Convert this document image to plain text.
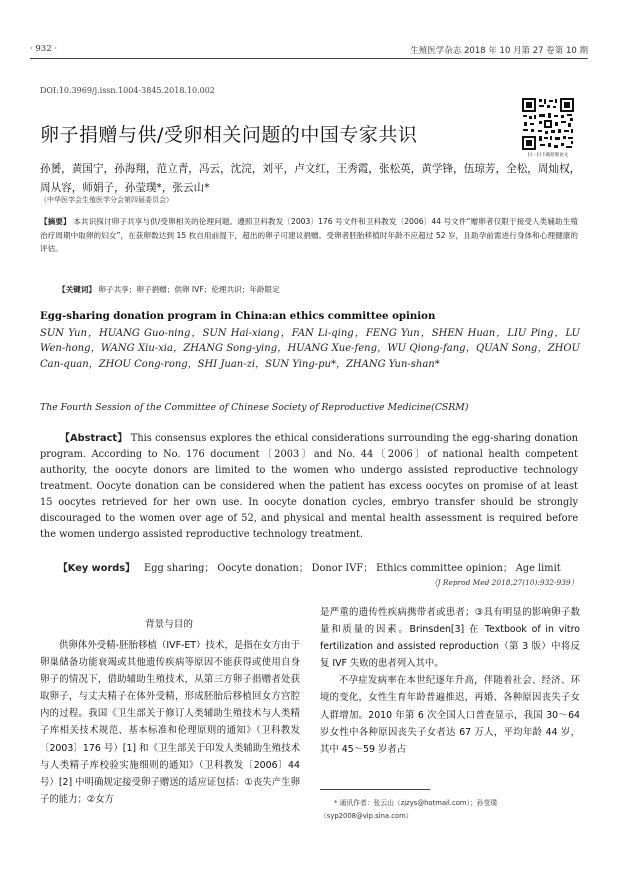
· 932 ·	生殖医学杂志 2018 年 10 月第 27 卷第 10 期
DOI:10.3969/j.issn.1004-3845.2018.10.002
扫一扫下载原版论文
卵子捐赠与供/受卵相关问题的中国专家共识
孙赟，黄国宁，孙海翔，范立青，冯云，沈浣，刘平，卢文红，王秀霞，张松英，黄学锋，伍琼芳，全松，周灿权，周从容，师娟子，孙莹璞*，张云山*
（中华医学会生殖医学分会第四届委员会）
【摘要】 本共识探讨卵子共享与供/受卵相关的伦理问题。遵照卫科教发〔2003〕176 号文件和卫科教发〔2006〕44 号文件“赠卵者仅限于接受人类辅助生殖治疗周期中取卵的妇女”，在获卵数达到 15 枚自用前提下，超出的卵子可建议捐赠。受卵者胚胎移植时年龄不应超过 52 岁，且助孕前需进行身体和心理健康的评估。
【关键词】 卵子共享；卵子捐赠；供卵 IVF；伦理共识；年龄限定
Egg-sharing donation program in China:an ethics committee opinion
SUN Yun，HUANG Guo-ning，SUN Hai-xiang，FAN Li-qing，FENG Yun，SHEN Huan，LIU Ping，LU Wen-hong，WANG Xiu-xia，ZHANG Song-ying，HUANG Xue-feng，WU Qiong-fang，QUAN Song，ZHOU Can-quan，ZHOU Cong-rong，SHI Juan-zi，SUN Ying-pu*，ZHANG Yun-shan*
The Fourth Session of the Committee of Chinese Society of Reproductive Medicine(CSRM)
【Abstract】 This consensus explores the ethical considerations surrounding the egg-sharing donation program. According to No. 176 document〔2003〕and No. 44〔2006〕of national health competent authority, the oocyte donors are limited to the women who undergo assisted reproductive technology treatment. Oocyte donation can be considered when the patient has excess oocytes on promise of at least 15 oocytes retrieved for her own use. In oocyte donation cycles, embryo transfer should be strongly discouraged to the women over age of 52, and physical and mental health assessment is required before the women undergo assisted reproductive technology treatment.
【Key words】 Egg sharing； Oocyte donation； Donor IVF； Ethics committee opinion； Age limit
（J Reprod Med 2018,27(10):932-939）
背景与目的
供卵体外受精-胚胎移植（IVF-ET）技术，是指在女方由于卵巢储备功能衰竭或其他遗传疾病等原因不能获得或使用自身卵子的情况下，借助辅助生殖技术，从第三方卵子捐赠者处获取卵子，与丈夫精子在体外受精，形成胚胎后移植回女方宫腔内的过程。我国《卫生部关于修订人类辅助生殖技术与人类精子库相关技术规范、基本标准和伦理原则的通知》（卫科教发〔2003〕176 号）[1] 和《卫生部关于印发人类辅助生殖技术与人类精子库校验实施细则的通知》（卫科教发〔2006〕44 号）[2] 中明确规定接受卵子赠送的适应证包括：①丧失产生卵子的能力；②女方

是严重的遗传性疾病携带者或患者；③具有明显的影响卵子数量和质量的因素。Brinsden[3] 在 Textbook of in vitro fertilization and assisted reproduction（第 3 版）中将反复 IVF 失败的患者列入其中。

不孕症发病率在本世纪逐年升高，伴随着社会、经济、环境的变化，女性生育年龄普遍推迟，再婚、各种原因丧失子女人群增加。2010 年第 6 次全国人口普查显示，我国 30～64 岁女性中各种原因丧失子女者达 67 万人，平均年龄 44 岁，其中 45～59 岁者占

* 通讯作者：张云山（zjzys@hotmail.com）；孙莹璞（syp2008@vip.sina.com）
